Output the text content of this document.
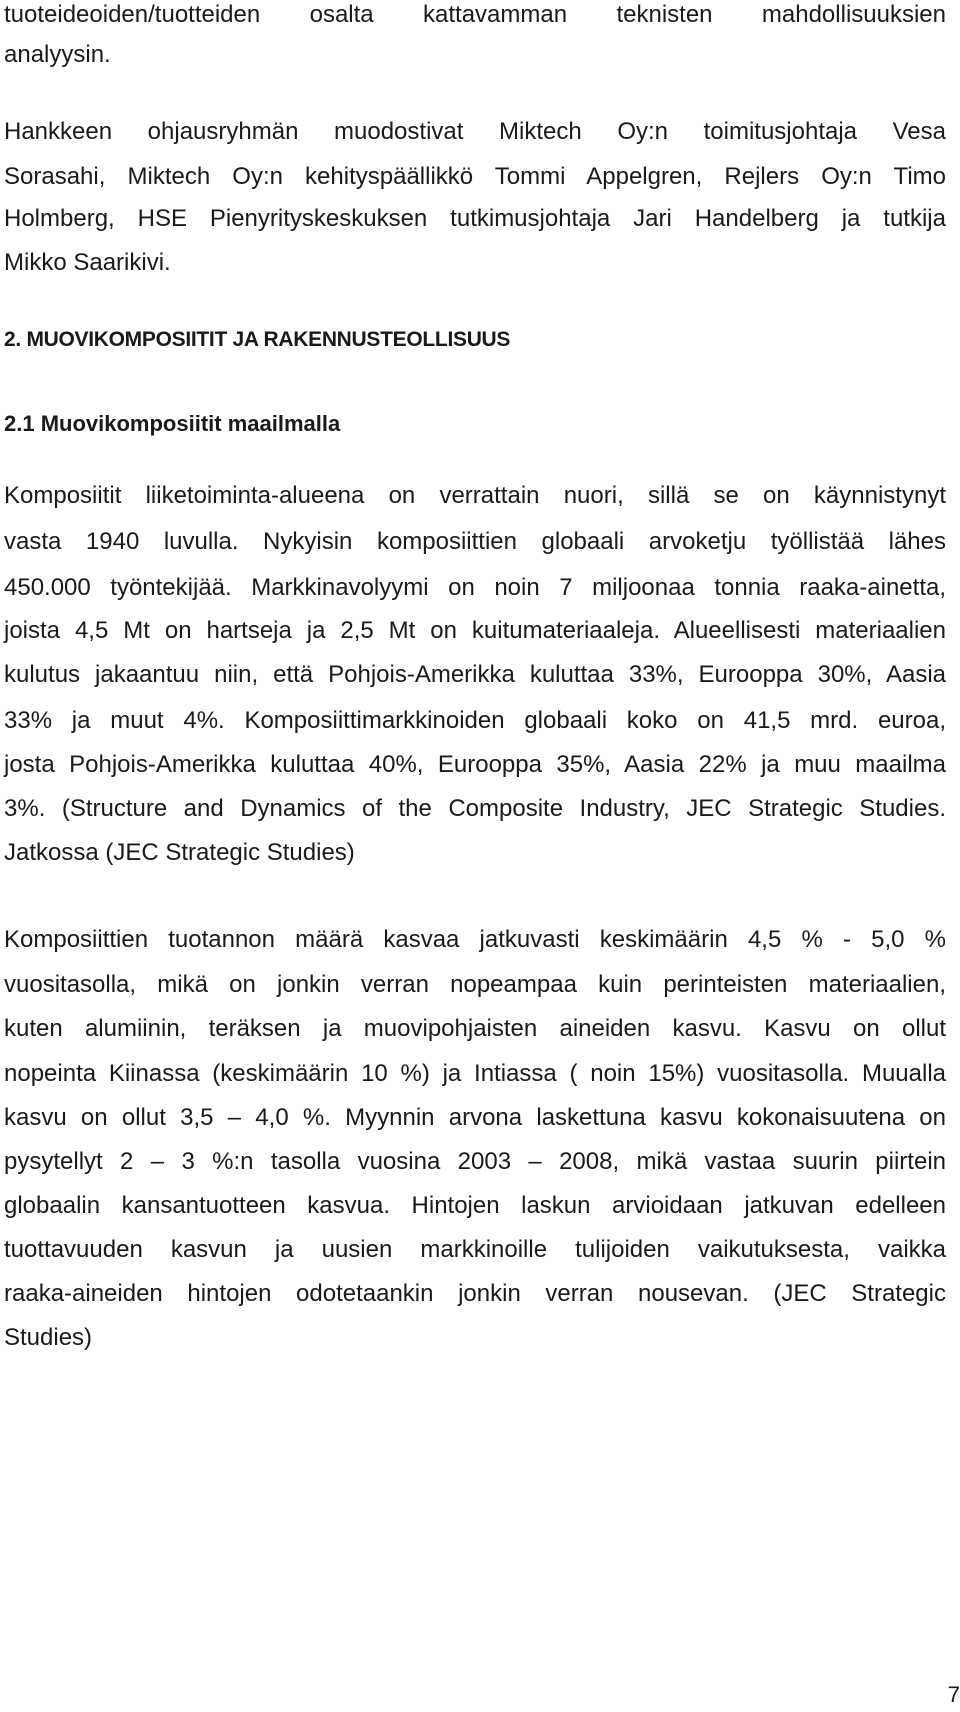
tuoteideoiden/tuotteiden osalta kattavamman teknisten mahdollisuuksien
analyysin.
Hankkeen ohjausryhmän muodostivat Miktech Oy:n toimitusjohtaja Vesa
Sorasahi, Miktech Oy:n kehityspäällikkö Tommi Appelgren, Rejlers Oy:n Timo
Holmberg, HSE Pienyrityskeskuksen tutkimusjohtaja Jari Handelberg ja tutkija
Mikko Saarikivi.
2. MUOVIKOMPOSIITIT JA RAKENNUSTEOLLISUUS
2.1 Muovikomposiitit maailmalla
Komposiitit liiketoiminta-alueena on verrattain nuori, sillä se on käynnistynyt
vasta 1940 luvulla. Nykyisin komposiittien globaali arvoketju työllistää lähes
450.000 työntekijää. Markkinavolyymi on noin 7 miljoonaa tonnia raaka-ainetta,
joista 4,5 Mt on hartseja ja 2,5 Mt on kuitumateriaaleja. Alueellisesti materiaalien
kulutus jakaantuu niin, että Pohjois-Amerikka kuluttaa 33%, Eurooppa 30%, Aasia
33% ja muut 4%. Komposiittimarkkinoiden globaali koko on 41,5 mrd. euroa,
josta Pohjois-Amerikka kuluttaa 40%, Eurooppa 35%, Aasia 22% ja muu maailma
3%. (Structure and Dynamics of the Composite Industry, JEC Strategic Studies.
Jatkossa (JEC Strategic Studies)
Komposiittien tuotannon määrä kasvaa jatkuvasti keskimäärin 4,5 % - 5,0 %
vuositasolla, mikä on jonkin verran nopeampaa kuin perinteisten materiaalien,
kuten alumiinin, teräksen ja muovipohjaisten aineiden kasvu. Kasvu on ollut
nopeinta Kiinassa (keskimäärin 10 %) ja Intiassa ( noin 15%) vuositasolla. Muualla
kasvu on ollut 3,5 – 4,0 %. Myynnin arvona laskettuna kasvu kokonaisuutena on
pysytellyt 2 – 3 %:n tasolla vuosina 2003 – 2008, mikä vastaa suurin piirtein
globaalin kansantuotteen kasvua. Hintojen laskun arvioidaan jatkuvan edelleen
tuottavuuden kasvun ja uusien markkinoille tulijoiden vaikutuksesta, vaikka
raaka-aineiden hintojen odotetaankin jonkin verran nousevan. (JEC Strategic
Studies)
7
